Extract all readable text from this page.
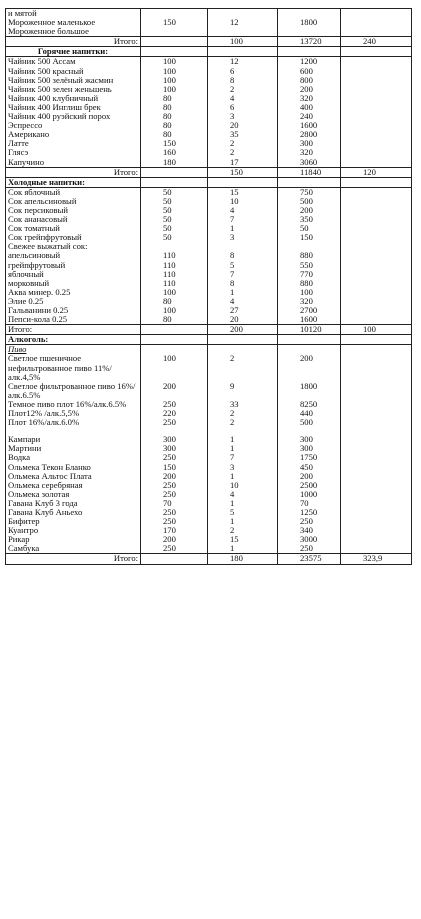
и мятой				
Мороженное маленькое	150	12	1800	
Мороженное большое				
Итого:		100	13720	240
Горячие напитки:				
Чайник 500 Ассам	100	12	1200	
Чайник 500 красный	100	6	600	
Чайник 500 зелёный жасмин	100	8	800	
Чайник 500 зелен женьшень	100	2	200	
Чайник 400 клубничный	80	4	320	
Чайник 400 Инглиш брек	80	6	400	
Чайник 400 руэйский порох	80	3	240	
Эспрессо	80	20	1600	
Американо	80	35	2800	
Латте	150	2	300	
Глясэ	160	2	320	
Капучино	180	17	3060	
Итого:		150	11840	120
Холодные напитки:				
Сок яблочный	50	15	750	
Сок апельсиновый	50	10	500	
Сок персиковый	50	4	200	
Сок ананасовый	50	7	350	
Сок томатный	50	1	50	
Сок грейпфрутовый	50	3	150	
Свежее выжатый сок:				
апельсиновый	110	8	880	
грейпфрутовый	110	5	550	
яблочный	110	7	770	
морковный	110	8	880	
Аква минер. 0.25	100	1	100	
Элие 0.25	80	4	320	
Гальванини 0.25	100	27	2700	
Пепси-кола 0.25	80	20	1600	
Итого:		200	10120	100
Алкоголь:				
Пиво				
Светлое пшеничное нефильтрованное пиво 11%/алк.4,5%	100	2	200	
Светлое фильтрованное пиво 16%/алк.6.5%	200	9	1800	
Темное пиво плот 16%/алк.6.5%	250	33	8250	
Плот12% /алк.5,5%	220	2	440	
Плот 16%/алк.6.0%	250	2	500	

Кампари	300	1	300	
Мартини	300	1	300	
Водка	250	7	1750	
Ольмека Текон Бланко	150	3	450	
Ольмека Альтос Плата	200	1	200	
Ольмека серебряная	250	10	2500	
Ольмека золотая	250	4	1000	
Гавана Клуб 3 года	70	1	70	
Гавана Клуб Аньехо	250	5	1250	
Бифитер	250	1	250	
Куантро	170	2	340	
Рикар	200	15	3000	
Самбука	250	1	250	
Итого:		180	23575	323,9
